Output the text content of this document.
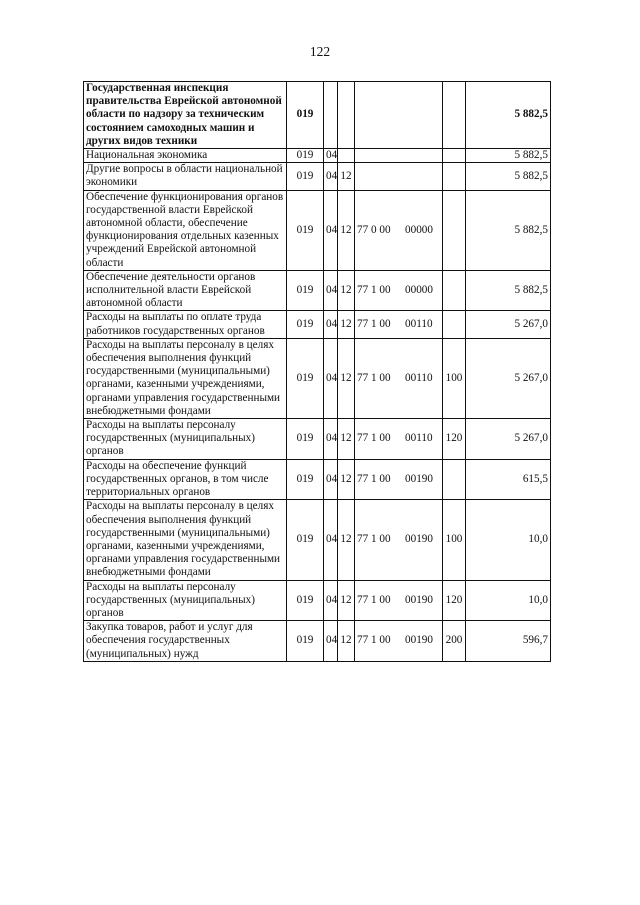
122
Государственная инспекция правительства Еврейской автономной области по надзору за техническим состоянием самоходных машин и других видов техники	019					5 882,5
Национальная экономика	019	04				5 882,5
Другие вопросы в области национальной экономики	019	04	12			5 882,5
Обеспечение функционирования органов государственной власти Еврейской автономной области, обеспечение функционирования отдельных казенных учреждений Еврейской автономной области	019	04	12	77 0 00 00000		5 882,5
Обеспечение деятельности органов исполнительной власти Еврейской автономной области	019	04	12	77 1 00 00000		5 882,5
Расходы на выплаты по оплате труда работников государственных органов	019	04	12	77 1 00 00110		5 267,0
Расходы на выплаты персоналу в целях обеспечения выполнения функций государственными (муниципальными) органами, казенными учреждениями, органами управления государственными внебюджетными фондами	019	04	12	77 1 00 00110	100	5 267,0
Расходы на выплаты персоналу государственных (муниципальных) органов	019	04	12	77 1 00 00110	120	5 267,0
Расходы на обеспечение функций государственных органов, в том числе территориальных органов	019	04	12	77 1 00 00190		615,5
Расходы на выплаты персоналу в целях обеспечения выполнения функций государственными (муниципальными) органами, казенными учреждениями, органами управления государственными внебюджетными фондами	019	04	12	77 1 00 00190	100	10,0
Расходы на выплаты персоналу государственных (муниципальных) органов	019	04	12	77 1 00 00190	120	10,0
Закупка товаров, работ и услуг для обеспечения государственных (муниципальных) нужд	019	04	12	77 1 00 00190	200	596,7
